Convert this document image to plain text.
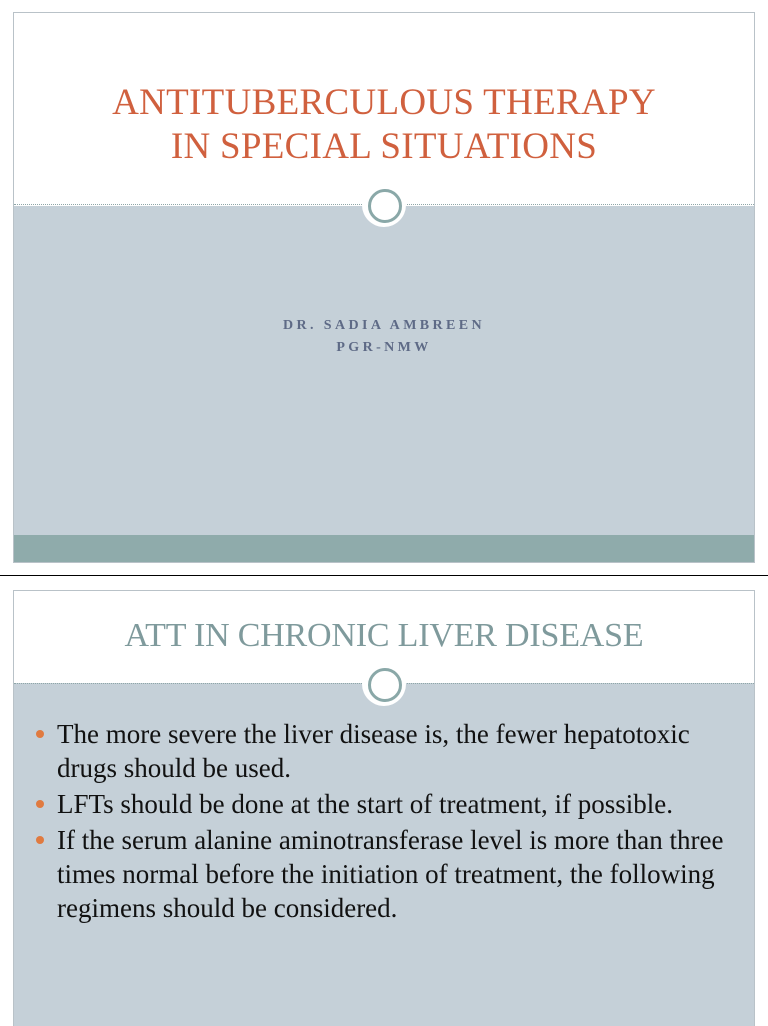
ANTITUBERCULOUS THERAPY
IN SPECIAL SITUATIONS
DR. SADIA AMBREEN
PGR-NMW
ATT IN CHRONIC LIVER DISEASE
The more severe the liver disease is, the fewer hepatotoxic drugs should be used.
LFTs should be done at the start of treatment, if possible.
If the serum alanine aminotransferase level is more than three times normal before the initiation of treatment, the following regimens should be considered.
